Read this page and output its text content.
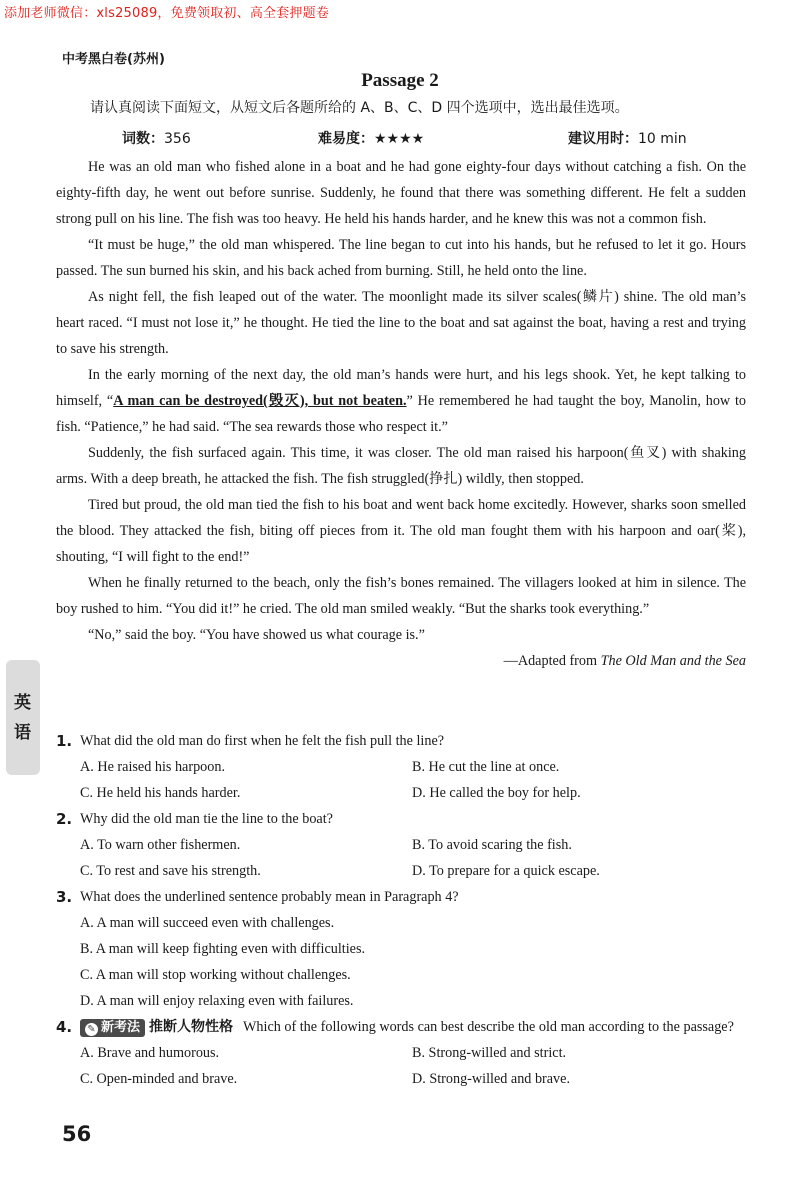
添加老师微信：xls25089，免费领取初、高全套押题卷
中考黑白卷(苏州)
Passage 2
请认真阅读下面短文，从短文后各题所给的 A、B、C、D 四个选项中，选出最佳选项。
词数：356	难易度：★★★★	建议用时：10 min

He was an old man who fished alone in a boat and he had gone eighty-four days without catching a fish. On the eighty-fifth day, he went out before sunrise. Suddenly, he found that there was something different. He felt a sudden strong pull on his line. The fish was too heavy. He held his hands harder, and he knew this was not a common fish.

“It must be huge,” the old man whispered. The line began to cut into his hands, but he refused to let it go. Hours passed. The sun burned his skin, and his back ached from burning. Still, he held onto the line.

As night fell, the fish leaped out of the water. The moonlight made its silver scales(鳞片) shine. The old man’s heart raced. “I must not lose it,” he thought. He tied the line to the boat and sat against the boat, having a rest and trying to save his strength.

In the early morning of the next day, the old man’s hands were hurt, and his legs shook. Yet, he kept talking to himself, “A man can be destroyed(毁灭), but not beaten.” He remembered he had taught the boy, Manolin, how to fish. “Patience,” he had said. “The sea rewards those who respect it.”

Suddenly, the fish surfaced again. This time, it was closer. The old man raised his harpoon(鱼叉) with shaking arms. With a deep breath, he attacked the fish. The fish struggled(挣扎) wildly, then stopped.

Tired but proud, the old man tied the fish to his boat and went back home excitedly. However, sharks soon smelled the blood. They attacked the fish, biting off pieces from it. The old man fought them with his harpoon and oar(桨), shouting, “I will fight to the end!”

When he finally returned to the beach, only the fish’s bones remained. The villagers looked at him in silence. The boy rushed to him. “You did it!” he cried. The old man smiled weakly. “But the sharks took everything.”

“No,” said the boy. “You have showed us what courage is.”

—Adapted from The Old Man and the Sea

1. What did the old man do first when he felt the fish pull the line?
A. He raised his harpoon.	B. He cut the line at once.
C. He held his hands harder.	D. He called the boy for help.
2. Why did the old man tie the line to the boat?
A. To warn other fishermen.	B. To avoid scaring the fish.
C. To rest and save his strength.	D. To prepare for a quick escape.
3. What does the underlined sentence probably mean in Paragraph 4?
A. A man will succeed even with challenges.
B. A man will keep fighting even with difficulties.
C. A man will stop working without challenges.
D. A man will enjoy relaxing even with failures.
4.	✎ 新考法 推断人物性格 Which of the following words can best describe the old man according to the passage?
A. Brave and humorous.	B. Strong-willed and strict.
C. Open-minded and brave.	D. Strong-willed and brave.
英
语
56
